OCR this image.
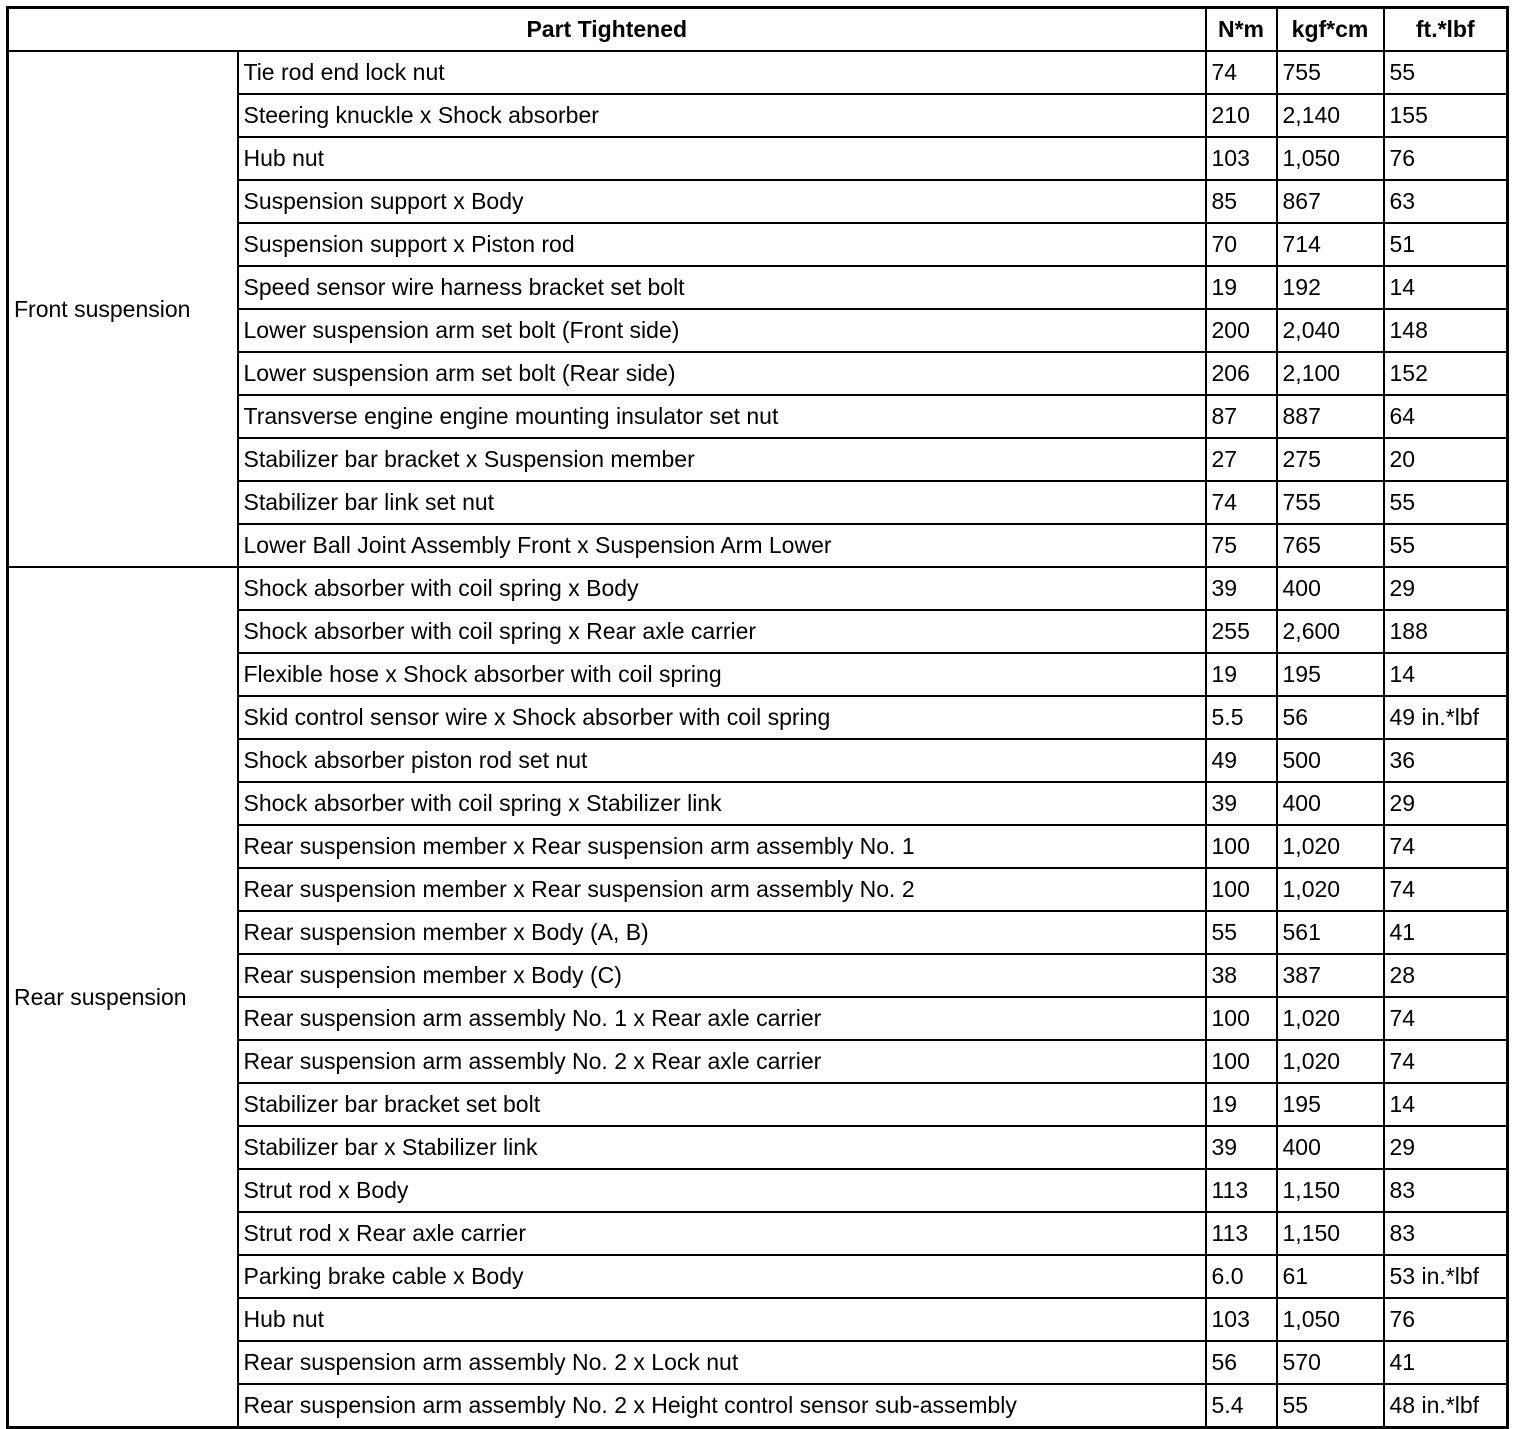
Part Tightened		N*m	kgf*cm	ft.*lbf
Front suspension	Tie rod end lock nut	74	755	55
	Steering knuckle x Shock absorber	210	2,140	155
	Hub nut	103	1,050	76
	Suspension support x Body	85	867	63
	Suspension support x Piston rod	70	714	51
	Speed sensor wire harness bracket set bolt	19	192	14
	Lower suspension arm set bolt (Front side)	200	2,040	148
	Lower suspension arm set bolt (Rear side)	206	2,100	152
	Transverse engine engine mounting insulator set nut	87	887	64
	Stabilizer bar bracket x Suspension member	27	275	20
	Stabilizer bar link set nut	74	755	55
	Lower Ball Joint Assembly Front x Suspension Arm Lower	75	765	55
Rear suspension	Shock absorber with coil spring x Body	39	400	29
	Shock absorber with coil spring x Rear axle carrier	255	2,600	188
	Flexible hose x Shock absorber with coil spring	19	195	14
	Skid control sensor wire x Shock absorber with coil spring	5.5	56	49 in.*lbf
	Shock absorber piston rod set nut	49	500	36
	Shock absorber with coil spring x Stabilizer link	39	400	29
	Rear suspension member x Rear suspension arm assembly No. 1	100	1,020	74
	Rear suspension member x Rear suspension arm assembly No. 2	100	1,020	74
	Rear suspension member x Body (A, B)	55	561	41
	Rear suspension member x Body (C)	38	387	28
	Rear suspension arm assembly No. 1 x Rear axle carrier	100	1,020	74
	Rear suspension arm assembly No. 2 x Rear axle carrier	100	1,020	74
	Stabilizer bar bracket set bolt	19	195	14
	Stabilizer bar x Stabilizer link	39	400	29
	Strut rod x Body	113	1,150	83
	Strut rod x Rear axle carrier	113	1,150	83
	Parking brake cable x Body	6.0	61	53 in.*lbf
	Hub nut	103	1,050	76
	Rear suspension arm assembly No. 2 x Lock nut	56	570	41
	Rear suspension arm assembly No. 2 x Height control sensor sub-assembly	5.4	55	48 in.*lbf
